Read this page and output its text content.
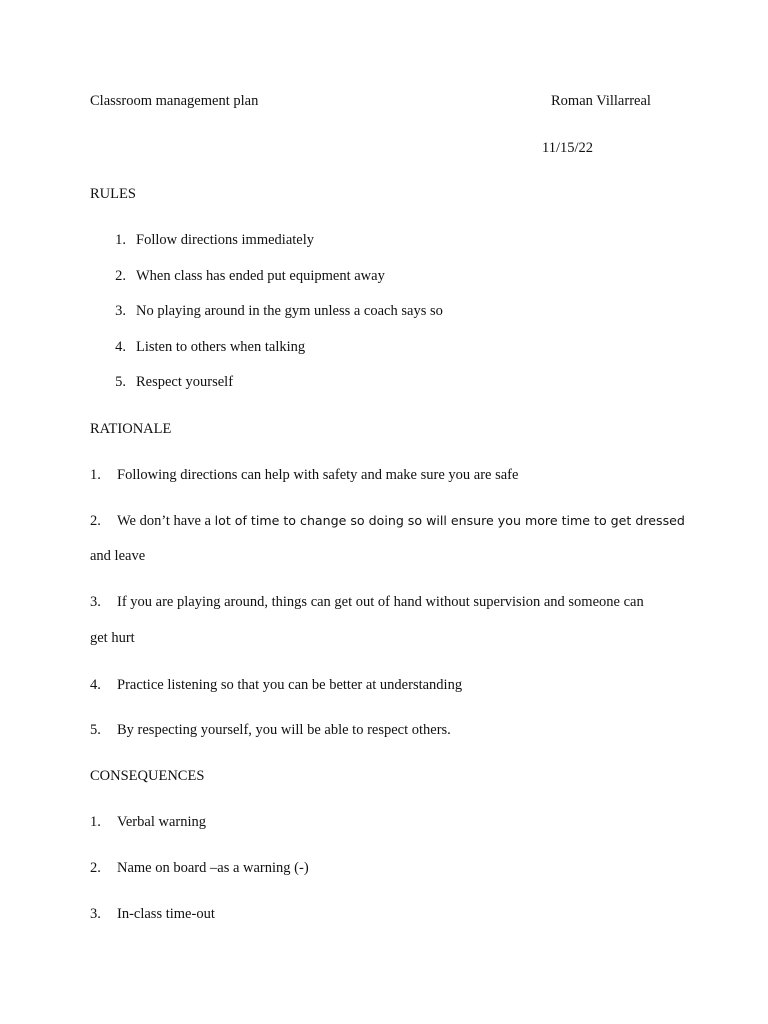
Classroom management plan	Roman Villarreal
11/15/22
RULES
1. Follow directions immediately
2. When class has ended put equipment away
3. No playing around in the gym unless a coach says so
4. Listen to others when talking
5. Respect yourself
RATIONALE
1. Following directions can help with safety and make sure you are safe
2. We don’t have a lot of time to change so doing so will ensure you more time to get dressed
and leave
3. If you are playing around, things can get out of hand without supervision and someone can
get hurt
4. Practice listening so that you can be better at understanding
5. By respecting yourself, you will be able to respect others.
CONSEQUENCES
1. Verbal warning
2. Name on board –as a warning (-)
3. In-class time-out
